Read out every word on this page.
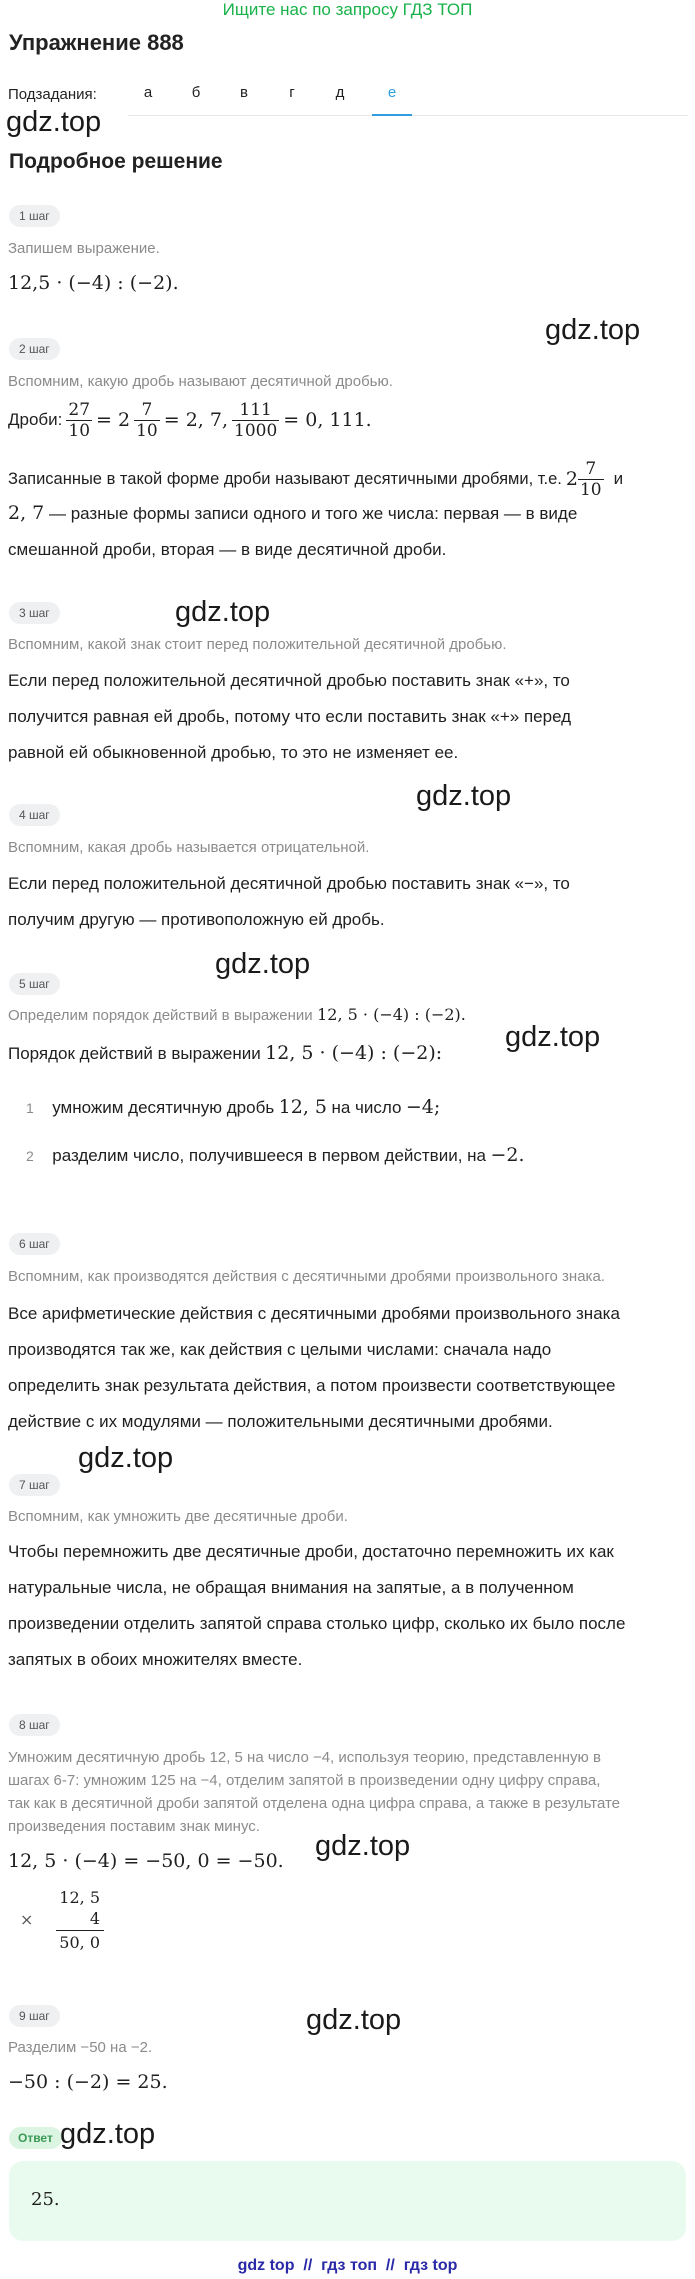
Ищите нас по запросу ГДЗ ТОП
Упражнение 888
Подзадания:	а	б	в	г	д	е
gdz.top
Подробное решение
1 шаг
Запишем выражение.
12,5 · (−4) : (−2).
gdz.top
2 шаг
Вспомним, какую дробь называют десятичной дробью.
Дроби: $\frac{27}{10} = 2 \frac{7}{10} = 2$, 7, $\frac{111}{1000} = 0$, 111.
Записанные в такой форме дроби называют десятичными дробями, т.е. $2 \frac{7}{10}$ и
2, 7 — разные формы записи одного и того же числа: первая — в виде
смешанной дроби, вторая — в виде десятичной дроби.
gdz.top
3 шаг
Вспомним, какой знак стоит перед положительной десятичной дробью.
Если перед положительной десятичной дробью поставить знак «+», то
получится равная ей дробь, потому что если поставить знак «+» перед
равной ей обыкновенной дробью, то это не изменяет ее.
gdz.top
4 шаг
Вспомним, какая дробь называется отрицательной.
Если перед положительной десятичной дробью поставить знак «−», то
получим другую — противоположную ей дробь.
gdz.top
5 шаг
Определим порядок действий в выражении 12, 5 · (−4) : (−2).
gdz.top
Порядок действий в выражении 12, 5 · (−4) : (−2):
1 умножим десятичную дробь 12, 5 на число −4;
2 разделим число, получившееся в первом действии, на −2.
6 шаг
Вспомним, как производятся действия с десятичными дробями произвольного знака.
Все арифметические действия с десятичными дробями произвольного знака
производятся так же, как действия с целыми числами: сначала надо
определить знак результата действия, а потом произвести соответствующее
действие с их модулями — положительными десятичными дробями.
gdz.top
7 шаг
Вспомним, как умножить две десятичные дроби.
Чтобы перемножить две десятичные дроби, достаточно перемножить их как
натуральные числа, не обращая внимания на запятые, а в полученном
произведении отделить запятой справа столько цифр, сколько их было после
запятых в обоих множителях вместе.
8 шаг
Умножим десятичную дробь 12, 5 на число −4, используя теорию, представленную в
шагах 6-7: умножим 125 на −4, отделим запятой в произведении одну цифру справа,
так как в десятичной дроби запятой отделена одна цифра справа, а также в результате
произведения поставим знак минус.
12, 5 · (−4) = −50, 0 = −50. gdz.top
×
12, 5
4
50, 0
gdz.top
9 шаг
Разделим −50 на −2.
−50 : (−2) = 25.
Ответ gdz.top
25.
gdz top  //  гдз топ  //  гдз top
